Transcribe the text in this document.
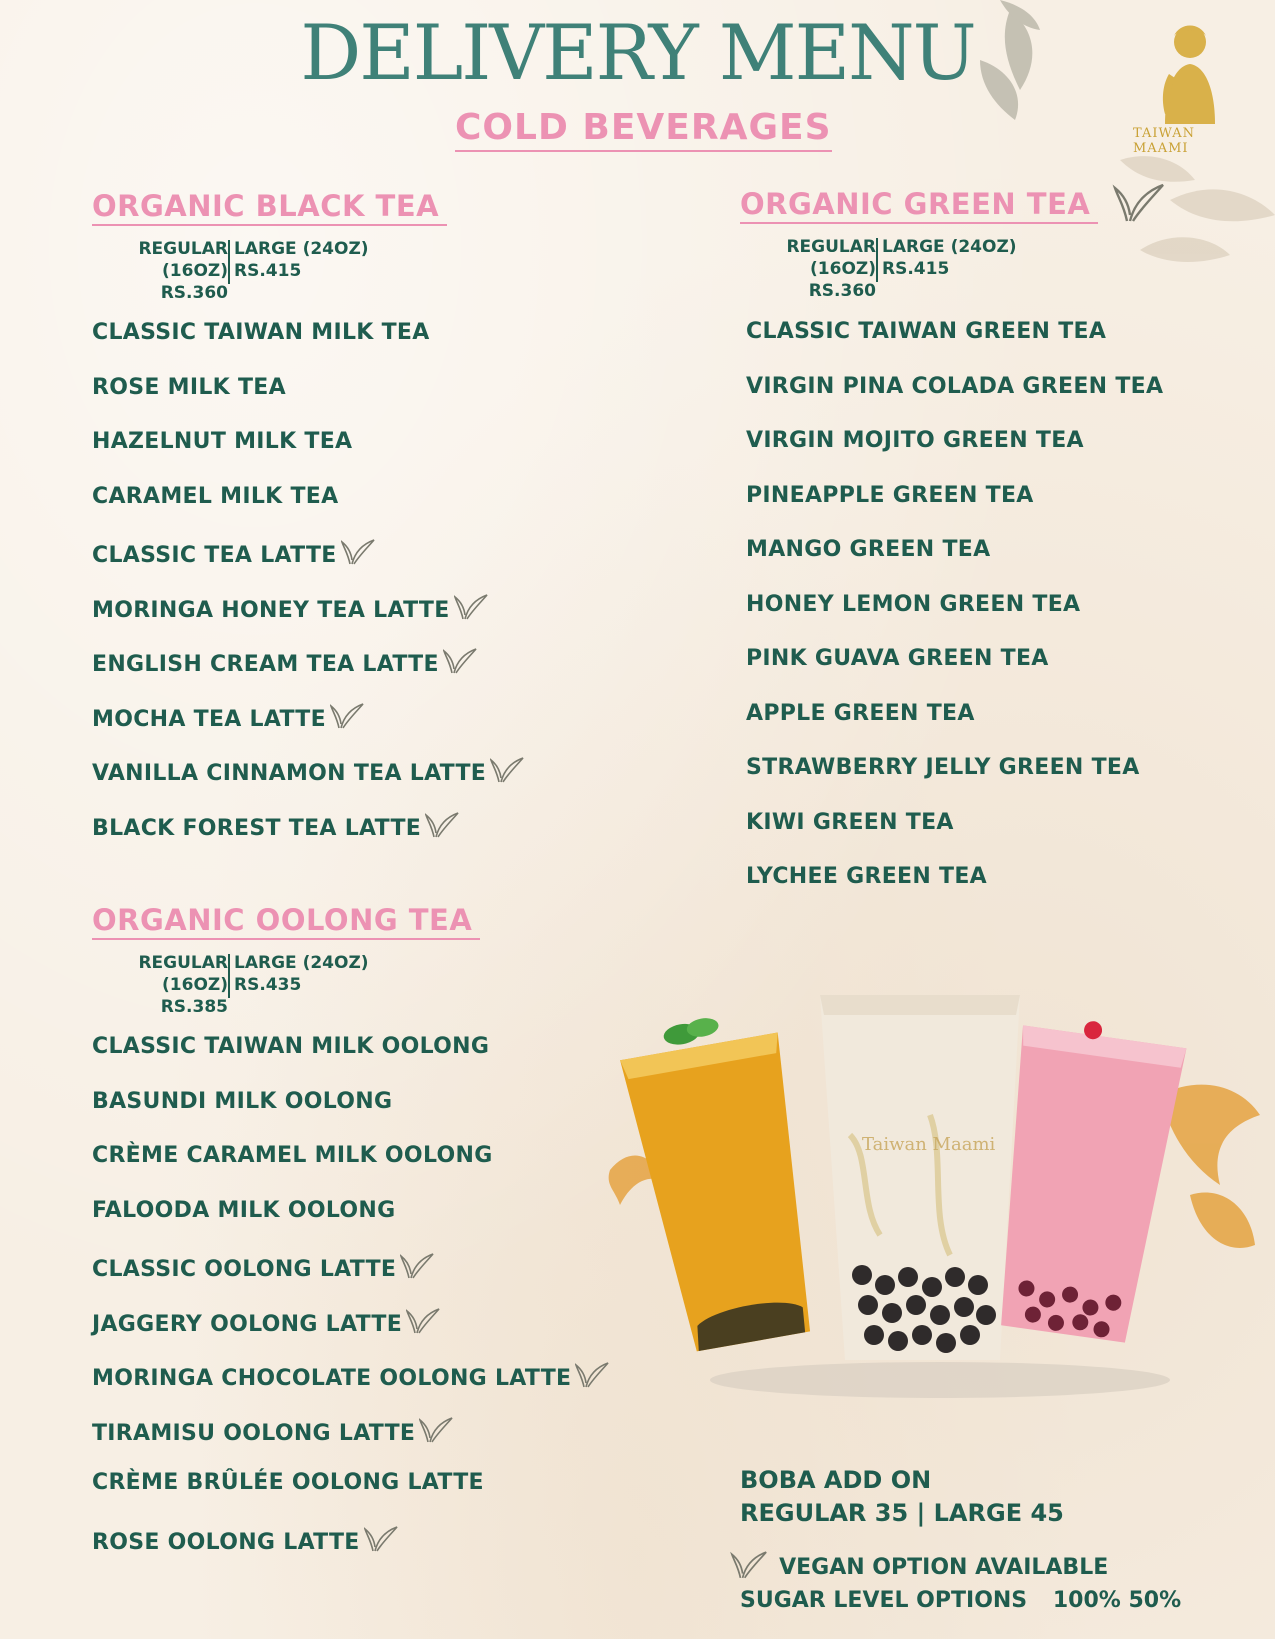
TAIWAN MAAMI
DELIVERY MENU
COLD BEVERAGES
ORGANIC BLACK TEA
REGULAR (16OZ)
RS.360
LARGE (24OZ)
RS.415
CLASSIC TAIWAN MILK TEA
ROSE MILK TEA
HAZELNUT MILK TEA
CARAMEL MILK TEA
CLASSIC TEA LATTE
MORINGA HONEY TEA LATTE
ENGLISH CREAM TEA LATTE
MOCHA TEA LATTE
VANILLA CINNAMON TEA LATTE
BLACK FOREST TEA LATTE
ORGANIC GREEN TEA
REGULAR (16OZ)
RS.360
LARGE (24OZ)
RS.415
CLASSIC TAIWAN GREEN TEA
VIRGIN PINA COLADA GREEN TEA
VIRGIN MOJITO GREEN TEA
PINEAPPLE GREEN TEA
MANGO GREEN TEA
HONEY LEMON GREEN TEA
PINK GUAVA GREEN TEA
APPLE GREEN TEA
STRAWBERRY JELLY GREEN TEA
KIWI GREEN TEA
LYCHEE GREEN TEA
ORGANIC OOLONG TEA
REGULAR (16OZ)
RS.385
LARGE (24OZ)
RS.435
CLASSIC TAIWAN MILK OOLONG
BASUNDI MILK OOLONG
CRÈME CARAMEL MILK OOLONG
FALOODA MILK OOLONG
CLASSIC OOLONG LATTE
JAGGERY OOLONG LATTE
MORINGA CHOCOLATE OOLONG LATTE
TIRAMISU OOLONG LATTE
CRÈME BRÛLÉE OOLONG LATTE
ROSE OOLONG LATTE
Taiwan Maami
BOBA ADD ON
REGULAR 35 | LARGE 45
VEGAN OPTION AVAILABLE
SUGAR LEVEL OPTIONS 100% 50%
